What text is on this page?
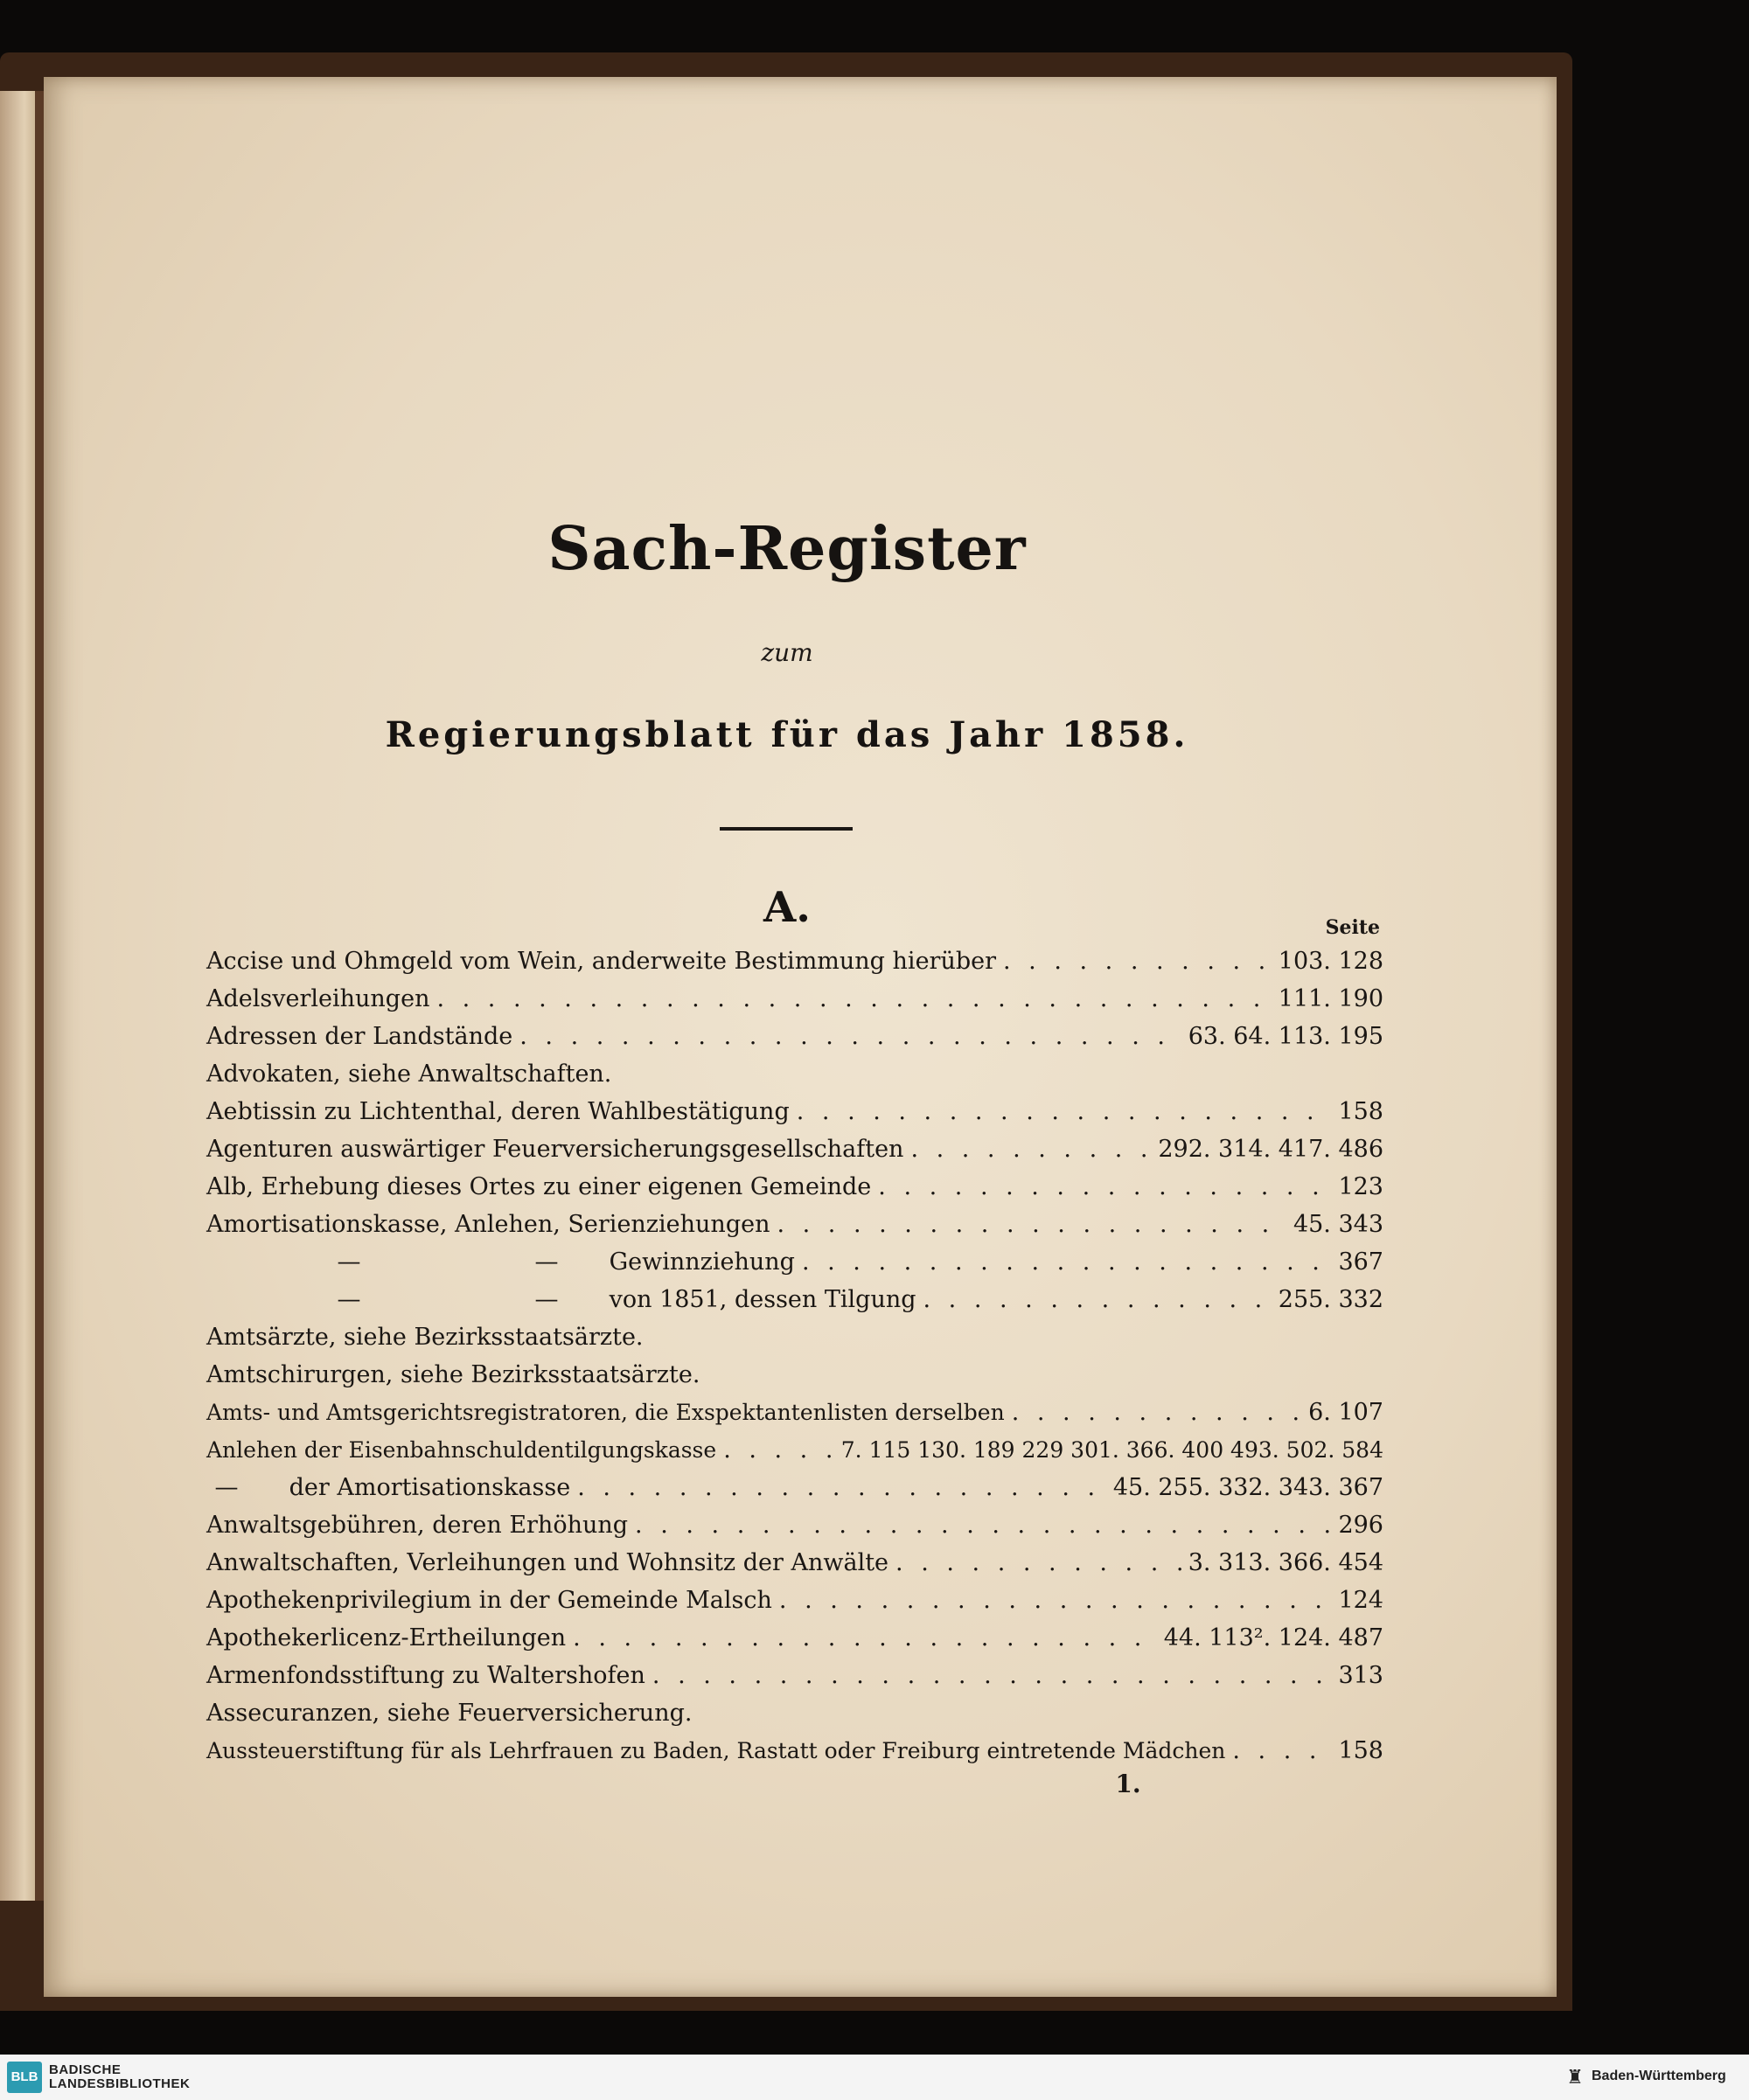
Sach-Register
zum
Regierungsblatt für das Jahr 1858.
A.	Seite
Accise und Ohmgeld vom Wein, anderweite Bestimmung hierüber . . .	103. 128
Adelsverleihungen . . .	111. 190
Adressen der Landstände . . .	63. 64. 113. 195
Advokaten, siehe Anwaltschaften.
Aebtissin zu Lichtenthal, deren Wahlbestätigung . . .	158
Agenturen auswärtiger Feuerversicherungsgesellschaften . . .	292. 314. 417. 486
Alb, Erhebung dieses Ortes zu einer eigenen Gemeinde . . .	123
Amortisationskasse, Anlehen, Serienziehungen . . .	45. 343
—	— Gewinnziehung . . .	367
—	— von 1851, dessen Tilgung . . .	255. 332
Amtsärzte, siehe Bezirksstaatsärzte.
Amtschirurgen, siehe Bezirksstaatsärzte.
Amts- und Amtsgerichtsregistratoren, die Exspektantenlisten derselben . . .	6. 107
Anlehen der Eisenbahnschuldentilgungskasse . . .	7. 115 130. 189 229 301. 366. 400 493. 502. 584
— der Amortisationskasse . . .	45. 255. 332. 343. 367
Anwaltsgebühren, deren Erhöhung . . .	296
Anwaltschaften, Verleihungen und Wohnsitz der Anwälte . . .	3. 313. 366. 454
Apothekenprivilegium in der Gemeinde Malsch . . .	124
Apothekerlicenz-Ertheilungen . . .	44. 113². 124. 487
Armenfondsstiftung zu Waltershofen . . .	313
Assecuranzen, siehe Feuerversicherung.
Aussteuerstiftung für als Lehrfrauen zu Baden, Rastatt oder Freiburg eintretende Mädchen . . .	158
1.
BLB BADISCHE
LANDESBIBLIOTHEK	♜ Baden-Württemberg
